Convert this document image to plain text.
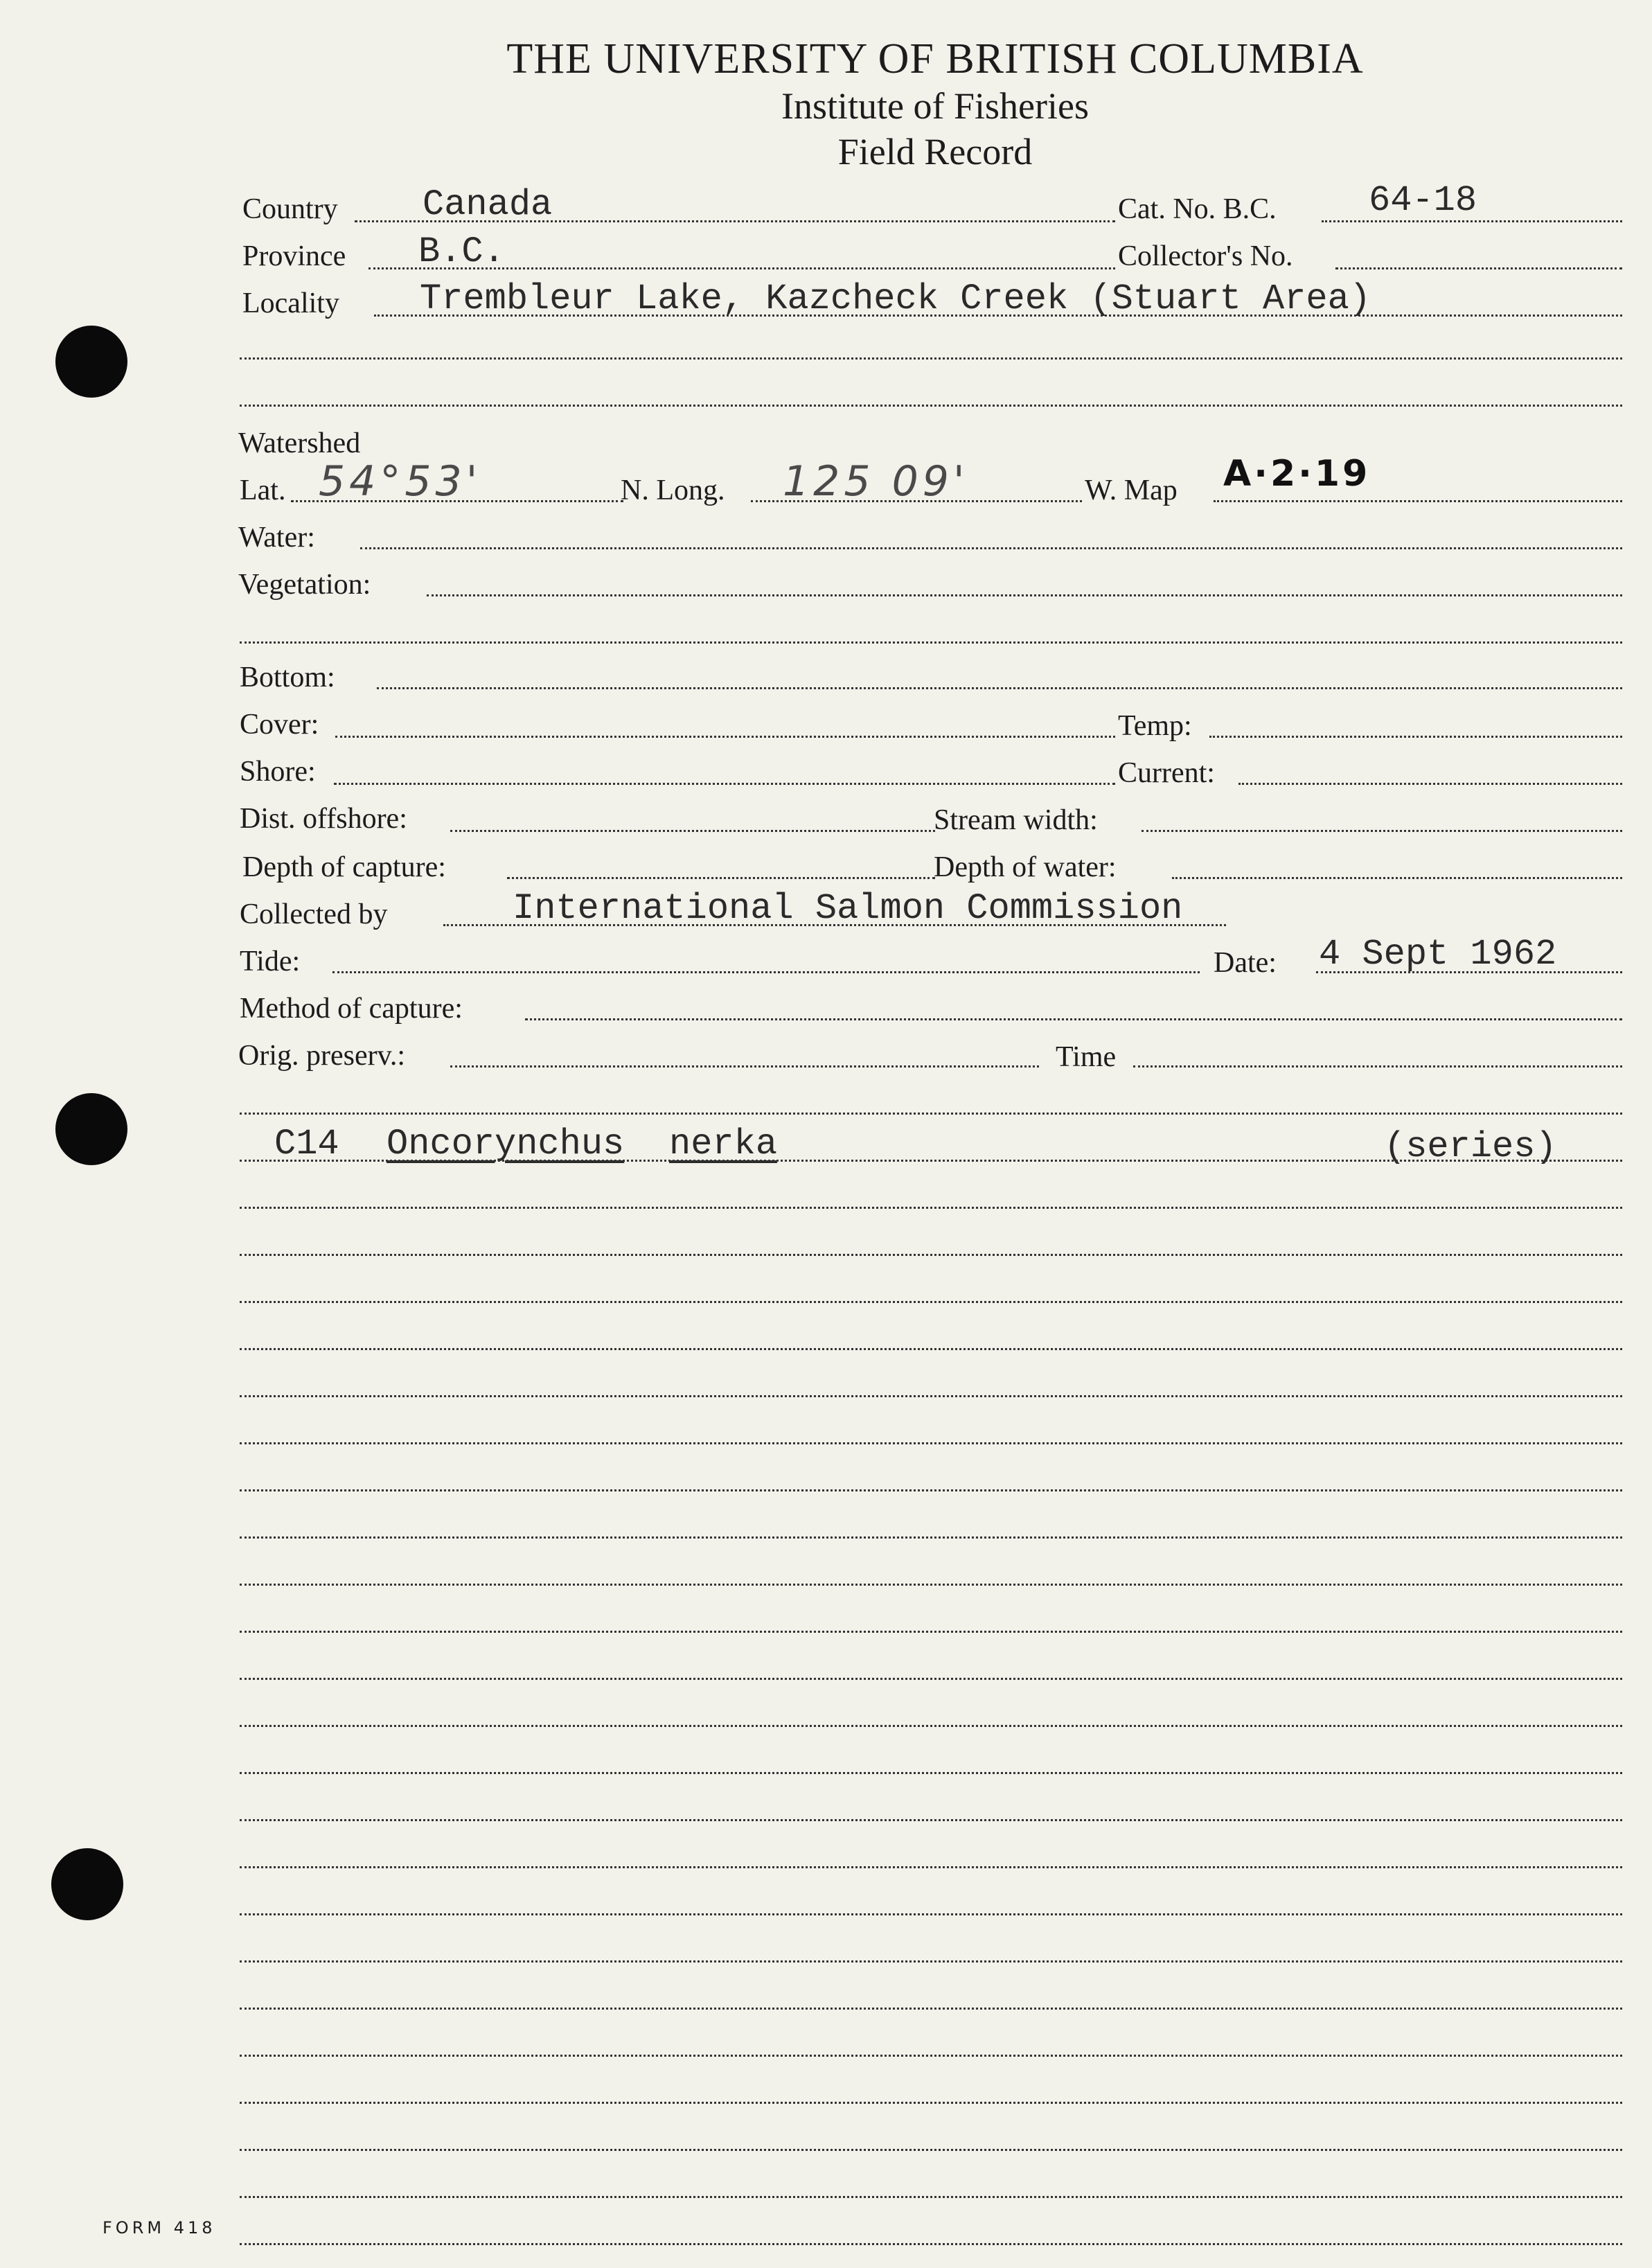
THE UNIVERSITY OF BRITISH COLUMBIA
Institute of Fisheries
Field Record
Country Canada	Cat. No. B.C.	64-18
Province B.C.	Collector's No.
Locality Trembleur Lake, Kazcheck Creek (Stuart Area)
Watershed
Lat. 54°53'	N. Long. 125 09'	W. Map A·2·19
Water:
Vegetation:
Bottom:
Cover:	Temp:
Shore:	Current:
Dist. offshore:	Stream width:
Depth of capture:	Depth of water:
Collected by	International Salmon Commission
Tide:	Date: 4 Sept 1962
Method of capture:
Orig. preserv.:	Time
C14 Oncorynchus nerka	(series)
FORM 418
